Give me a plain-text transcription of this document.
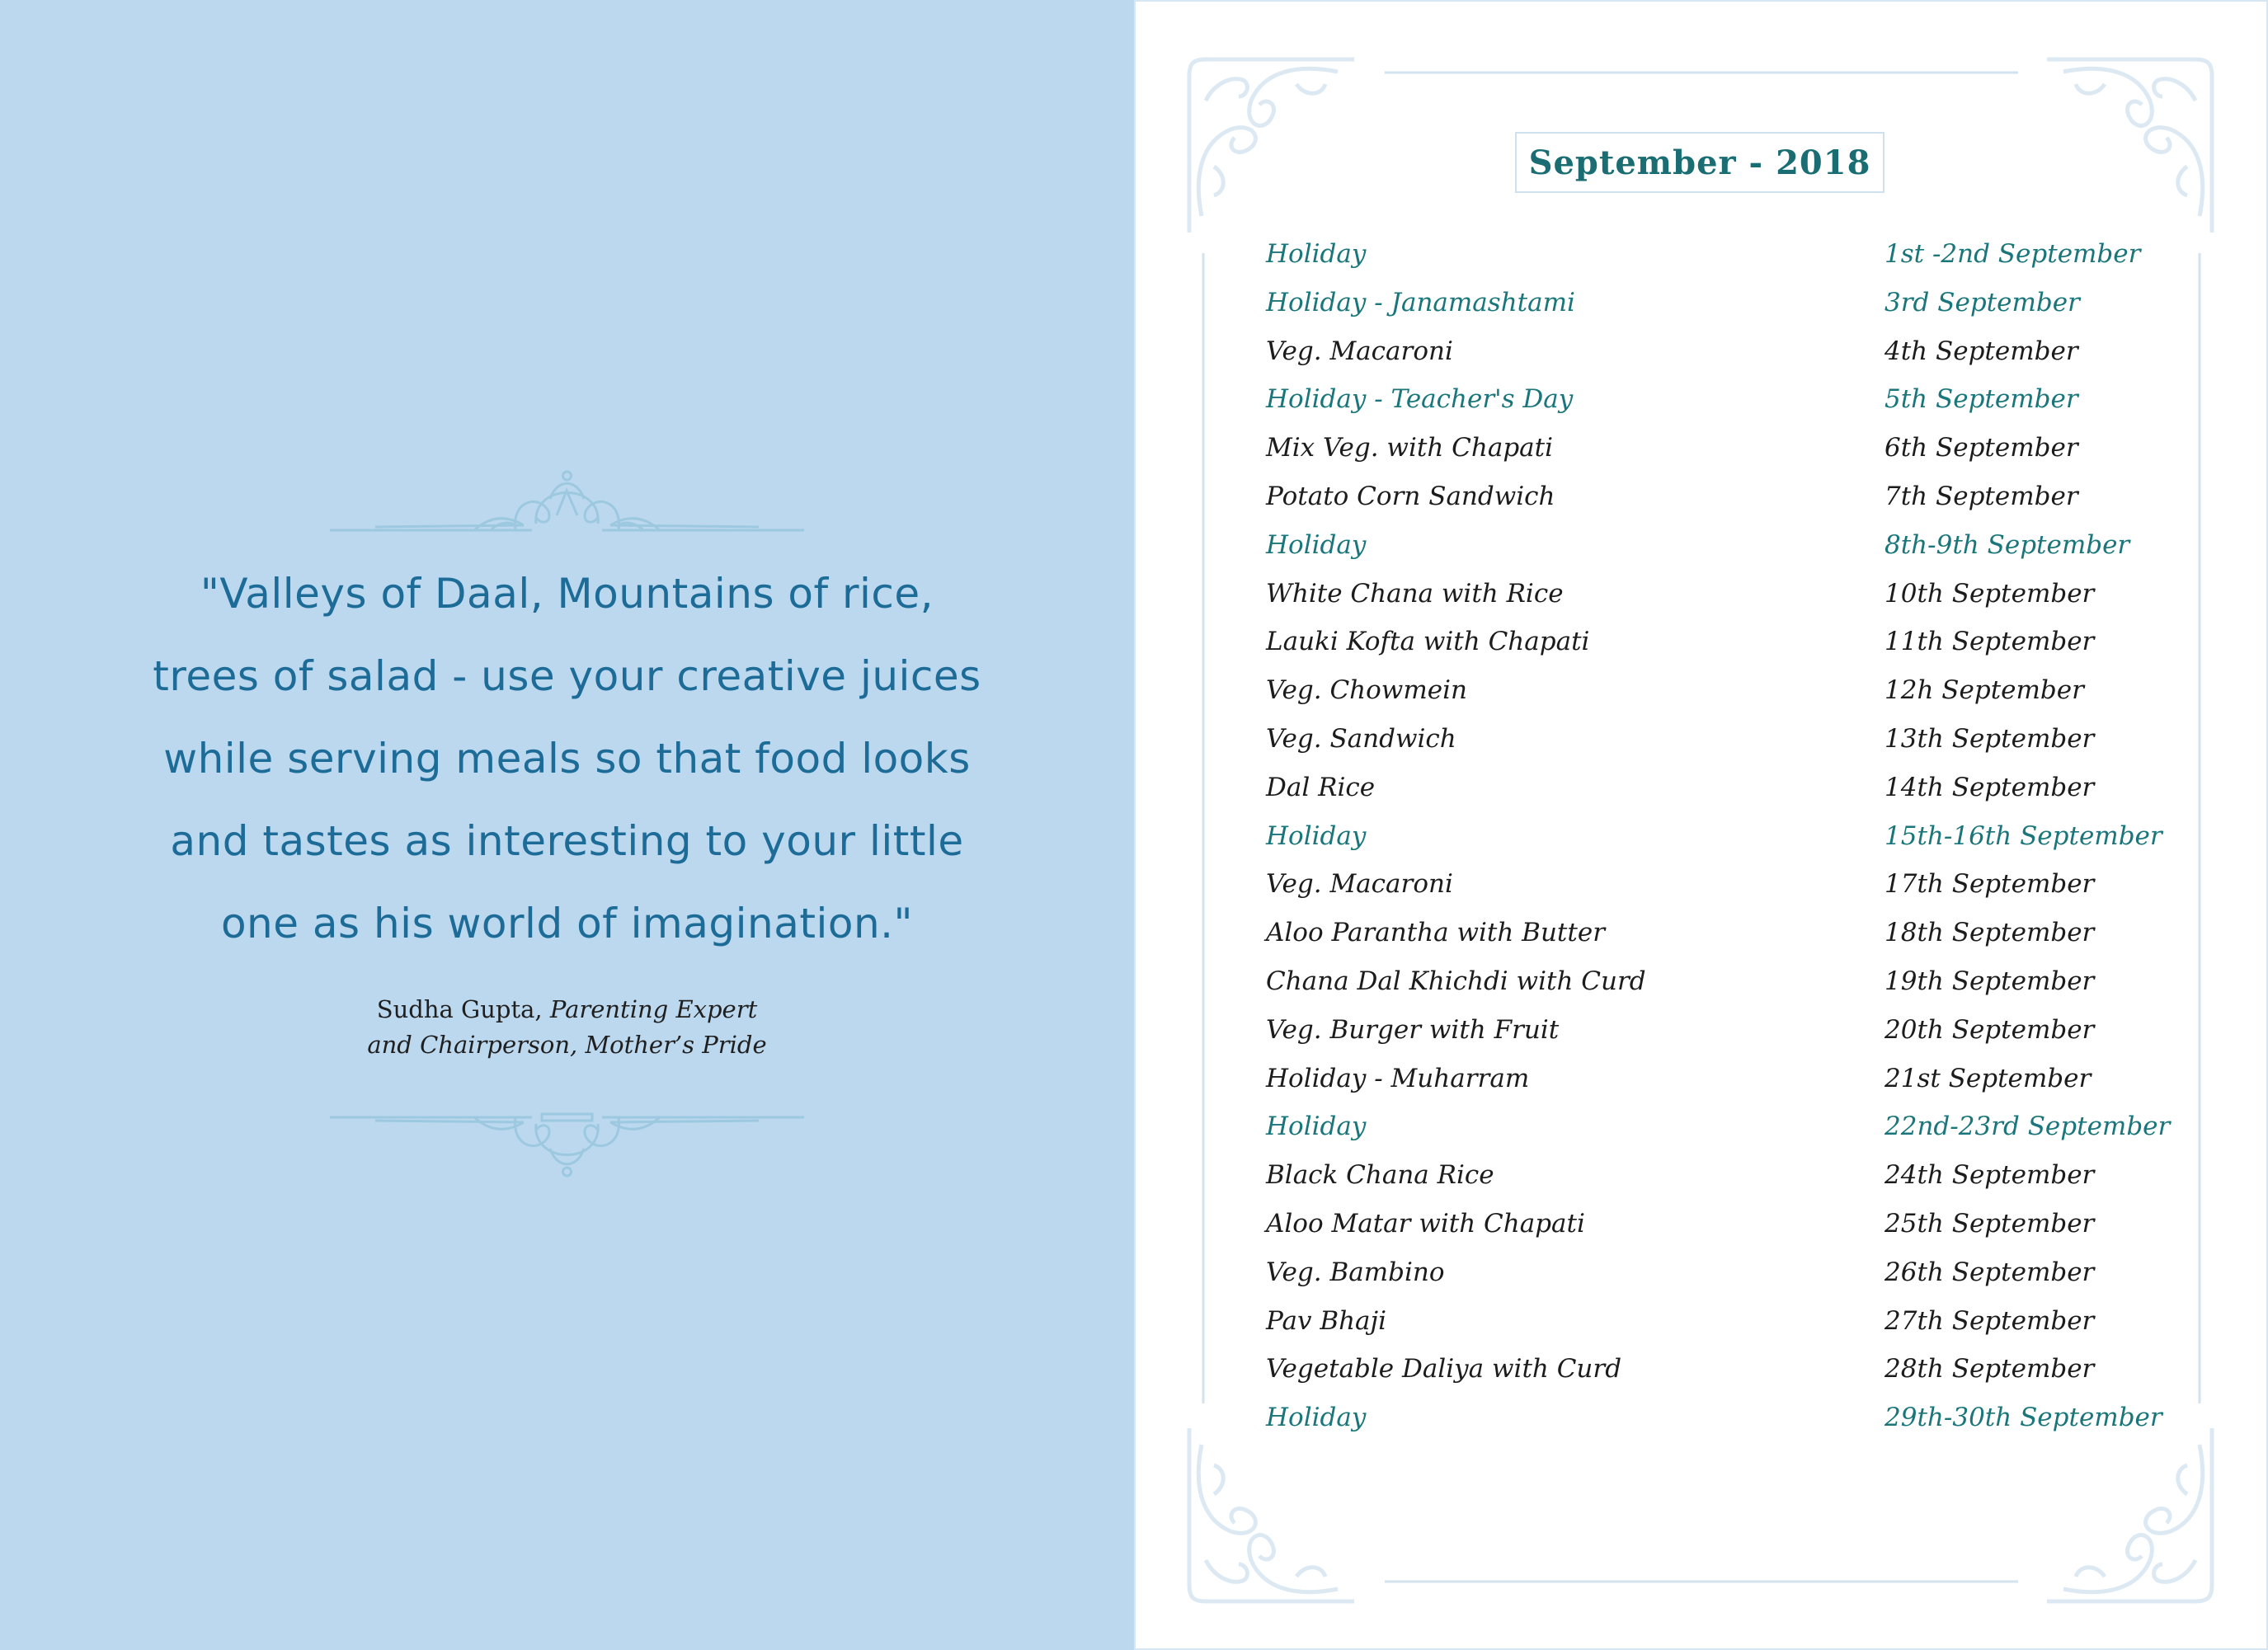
"Valleys of Daal, Mountains of rice,
trees of salad - use your creative juices
while serving meals so that food looks
and tastes as interesting to your little
one as his world of imagination."
Sudha Gupta, Parenting Expert
and Chairperson, Mother’s Pride
September - 2018
Holiday	1st -2nd September
Holiday - Janamashtami	3rd September
Veg. Macaroni	4th September
Holiday - Teacher's Day	5th September
Mix Veg. with Chapati	6th September
Potato Corn Sandwich	7th September
Holiday	8th-9th September
White Chana with Rice	10th September
Lauki Kofta with Chapati	11th September
Veg. Chowmein	12h September
Veg. Sandwich	13th September
Dal Rice	14th September
Holiday	15th-16th September
Veg. Macaroni	17th September
Aloo Parantha with Butter	18th September
Chana Dal Khichdi with Curd	19th September
Veg. Burger with Fruit	20th September
Holiday - Muharram	21st September
Holiday	22nd-23rd September
Black Chana Rice	24th September
Aloo Matar with Chapati	25th September
Veg. Bambino	26th September
Pav Bhaji	27th September
Vegetable Daliya with Curd	28th September
Holiday	29th-30th September
